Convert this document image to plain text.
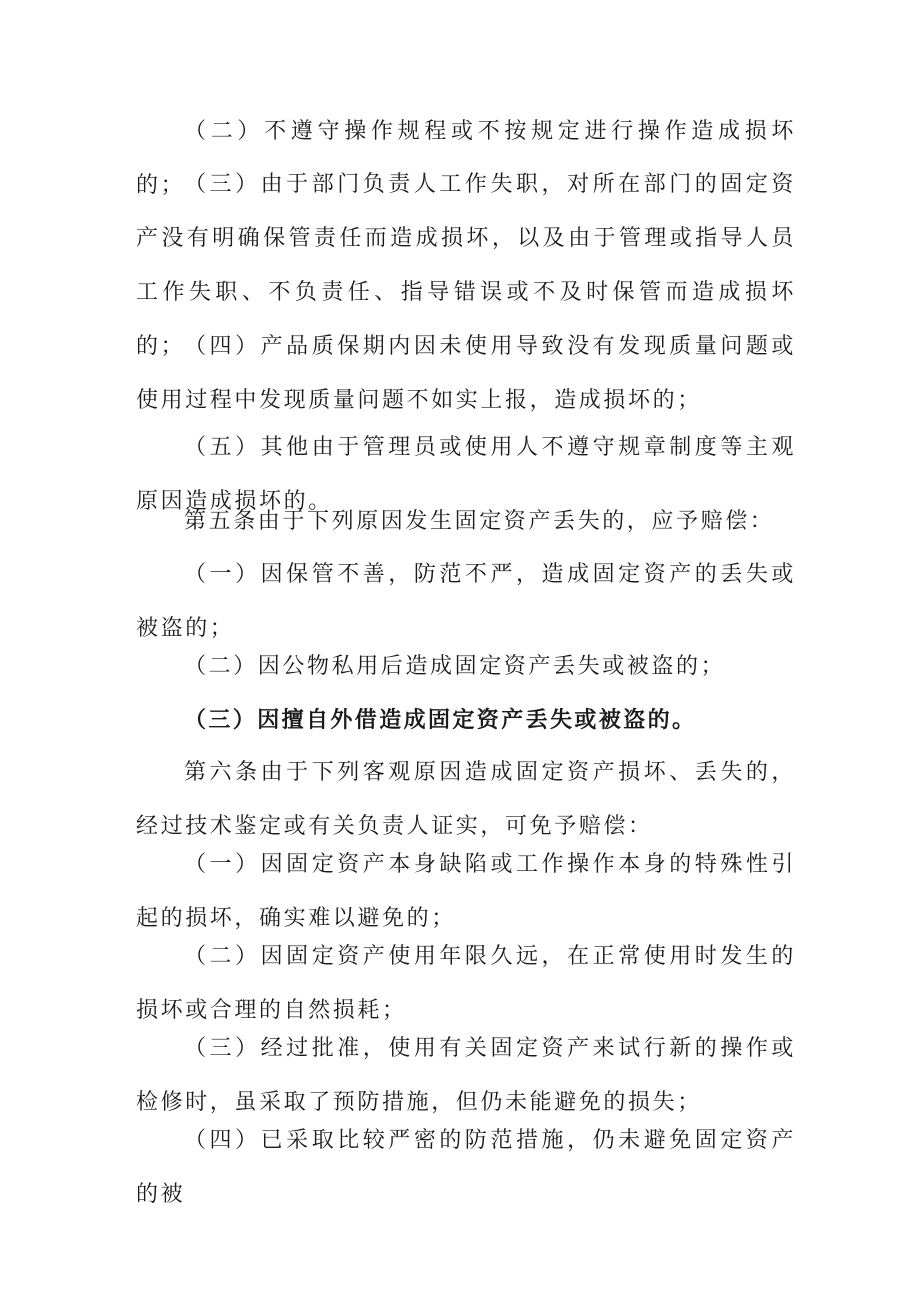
（二）不遵守操作规程或不按规定进行操作造成损坏的；

（三）由于部门负责人工作失职，对所在部门的固定资产没有明确保管责任而造成损坏，以及由于管理或指导人员工作失职、不负责任、指导错误或不及时保管而造成损坏的；

（四）产品质保期内因未使用导致没有发现质量问题或使用过程中发现质量问题不如实上报，造成损坏的；

（五）其他由于管理员或使用人不遵守规章制度等主观原因造成损坏的。

第五条由于下列原因发生固定资产丢失的，应予赔偿：

（一）因保管不善，防范不严，造成固定资产的丢失或被盗的；

（二）因公物私用后造成固定资产丢失或被盗的；

（三）因擅自外借造成固定资产丢失或被盗的。

第六条由于下列客观原因造成固定资产损坏、丢失的，经过技术鉴定或有关负责人证实，可免予赔偿：

（一）因固定资产本身缺陷或工作操作本身的特殊性引起的损坏，确实难以避免的；

（二）因固定资产使用年限久远，在正常使用时发生的损坏或合理的自然损耗；

（三）经过批准，使用有关固定资产来试行新的操作或检修时，虽采取了预防措施，但仍未能避免的损失；

（四）已采取比较严密的防范措施，仍未避免固定资产的被
